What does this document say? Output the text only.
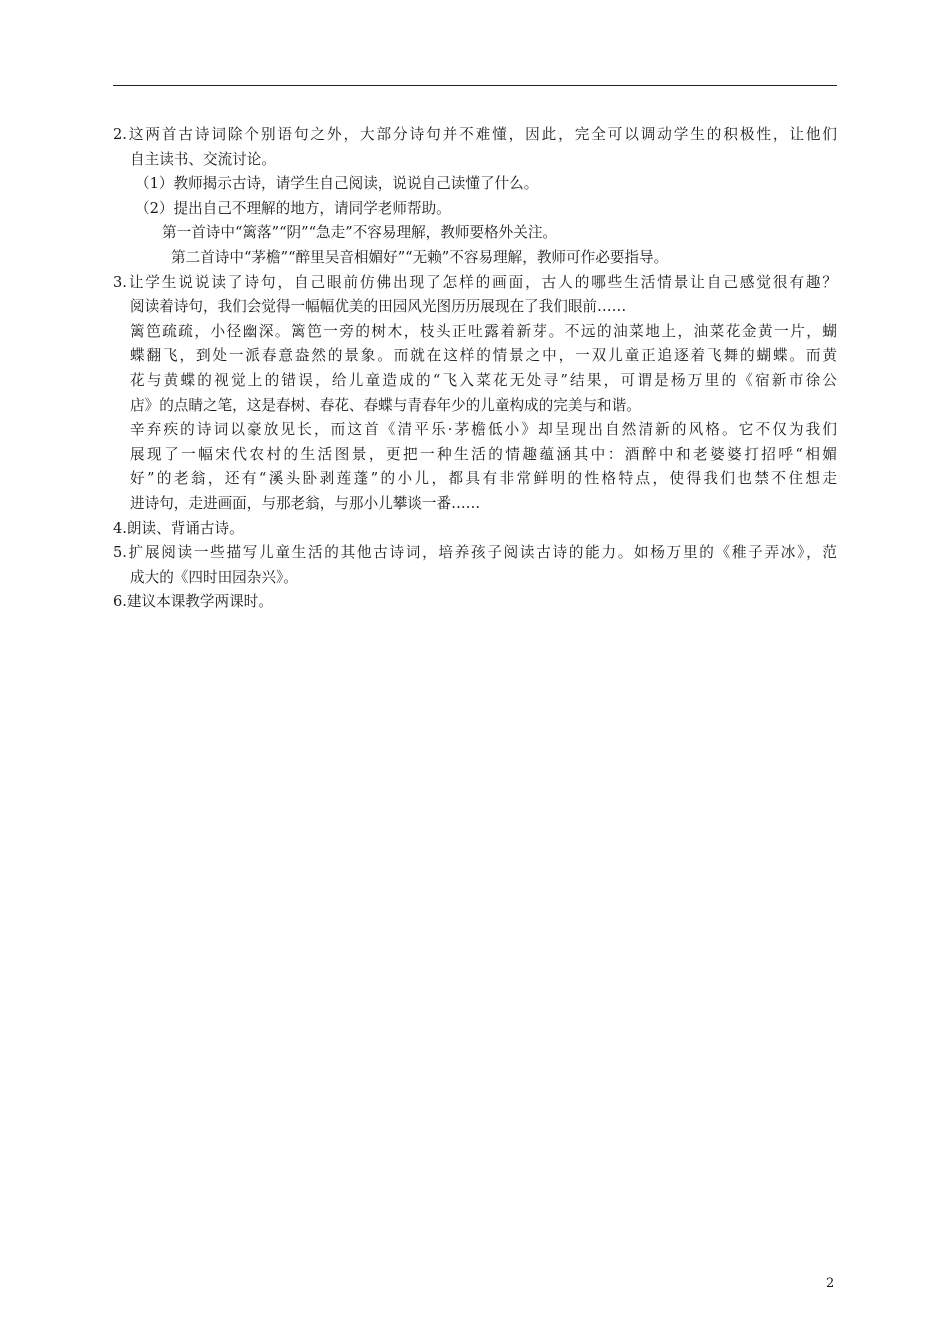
2.这两首古诗词除个别语句之外，大部分诗句并不难懂，因此，完全可以调动学生的积极性，让他们
自主读书、交流讨论。
（1）教师揭示古诗，请学生自己阅读，说说自己读懂了什么。
（2）提出自己不理解的地方，请同学老师帮助。
第一首诗中“篱落”“阴”“急走”不容易理解，教师要格外关注。
第二首诗中“茅檐”“醉里吴音相媚好”“无赖”不容易理解，教师可作必要指导。
3.让学生说说读了诗句，自己眼前仿佛出现了怎样的画面，古人的哪些生活情景让自己感觉很有趣？
阅读着诗句，我们会觉得一幅幅优美的田园风光图历历展现在了我们眼前……
篱笆疏疏，小径幽深。篱笆一旁的树木，枝头正吐露着新芽。不远的油菜地上，油菜花金黄一片，蝴
蝶翻飞，到处一派春意盎然的景象。而就在这样的情景之中，一双儿童正追逐着飞舞的蝴蝶。而黄
花与黄蝶的视觉上的错误，给儿童造成的“飞入菜花无处寻”结果，可谓是杨万里的《宿新市徐公
店》的点睛之笔，这是春树、春花、春蝶与青春年少的儿童构成的完美与和谐。
辛弃疾的诗词以豪放见长，而这首《清平乐·茅檐低小》却呈现出自然清新的风格。它不仅为我们
展现了一幅宋代农村的生活图景，更把一种生活的情趣蕴涵其中：酒醉中和老婆婆打招呼“相媚
好”的老翁，还有“溪头卧剥莲蓬”的小儿，都具有非常鲜明的性格特点，使得我们也禁不住想走
进诗句，走进画面，与那老翁，与那小儿攀谈一番……
4.朗读、背诵古诗。
5.扩展阅读一些描写儿童生活的其他古诗词，培养孩子阅读古诗的能力。如杨万里的《稚子弄冰》，范
成大的《四时田园杂兴》。
6.建议本课教学两课时。
2
